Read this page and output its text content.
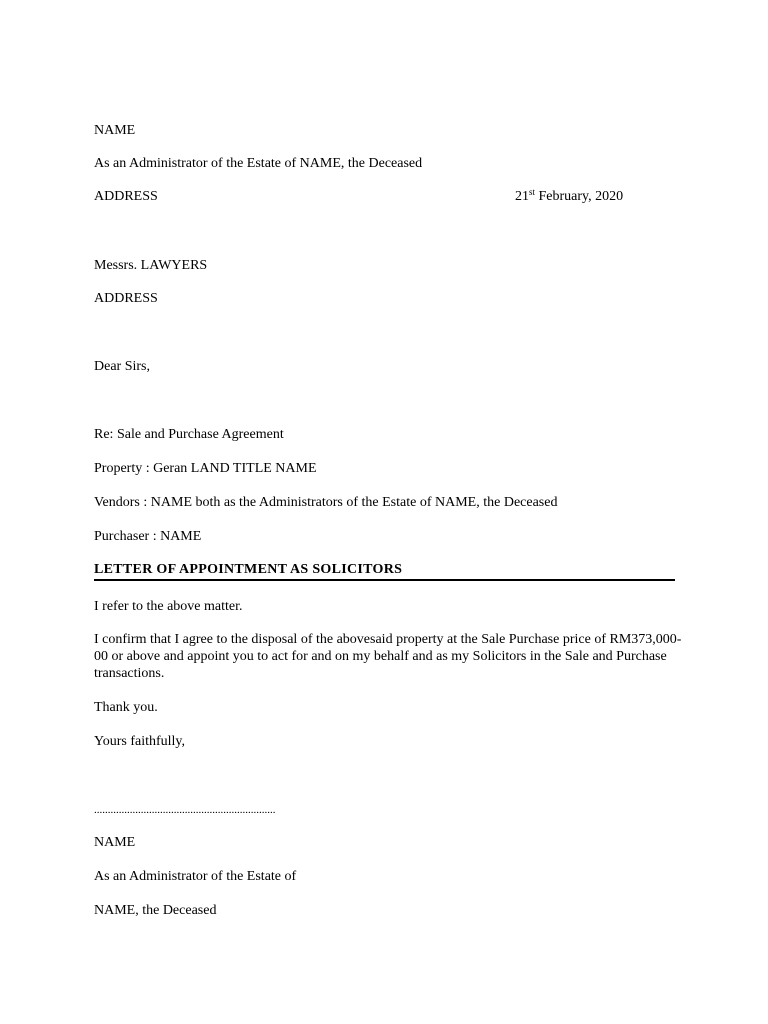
NAME
As an Administrator of the Estate of NAME, the Deceased
ADDRESS	21st February, 2020
Messrs. LAWYERS
ADDRESS
Dear Sirs,
Re: Sale and Purchase Agreement
Property : Geran LAND TITLE NAME
Vendors : NAME both as the Administrators of the Estate of NAME, the Deceased
Purchaser : NAME
LETTER OF APPOINTMENT AS SOLICITORS
I refer to the above matter.
I confirm that I agree to the disposal of the abovesaid property at the Sale Purchase price of RM373,000-00 or above and appoint you to act for and on my behalf and as my Solicitors in the Sale and Purchase transactions.
Thank you.
Yours faithfully,
..................................................................
NAME
As an Administrator of the Estate of
NAME, the Deceased
